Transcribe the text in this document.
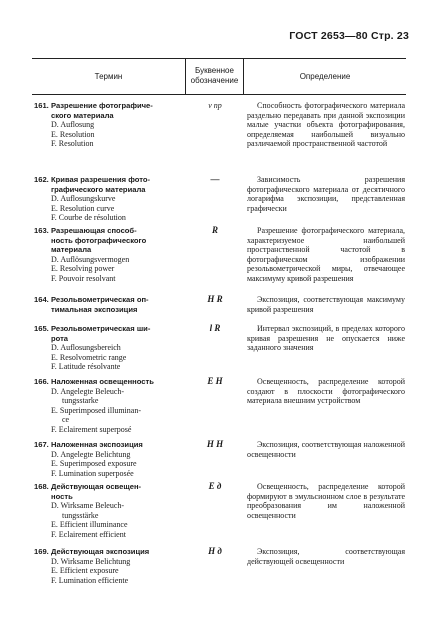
ГОСТ 2653—80 Стр. 23
Термин
Буквенное
обозначение	Определение
161. Разрешение фотографиче-
ского материала
D. Auflosung
E. Resolution
F. Resolution
ν пр	Способность фотографического материала раздельно передавать при данной экспозиции малые участки объекта фотографирования, определяемая наибольшей визуально различаемой пространственной частотой
162. Кривая разрешения фото-
графического материала
D. Auflosungskurve
E. Resolution curve
F. Courbe de résolution
—	Зависимость разрешения фотографического материала от десятичного логарифма экспозиции, представленная графически
163. Разрешающая способ-
ность фотографического
материала
D. Auflösungsvermogen
E. Resolving power
F. Pouvoir resolvant
R	Разрешение фотографического материала, характеризуемое наибольшей пространственной частотой в фотографическом изображении резольвометрической миры, отвечающее максимуму кривой разрешения
164. Резольвометрическая оп-
тимальная экспозиция
H R	Экспозиция, соответствующая максимуму кривой разрешения
165. Резольвометрическая ши-
рота
D. Auflosungsbereich
E. Resolvometric range
F. Latitude résolvante
l R	Интервал экспозиций, в пределах которого кривая разрешения не опускается ниже заданного значения
166. Наложенная освещенность
D. Angelegte Beleuch-
tungsstarke
E. Superimposed illuminan-
ce
F. Eclairement superposé
E H	Освещенность, распределение которой создают в плоскости фотографического материала внешним устройством
167. Наложенная экспозиция
D. Angelegte Belichtung
E. Superimposed exposure
F. Lumination superposée
H H	Экспозиция, соответствующая наложенной освещенности
168. Действующая освещен-
ность
D. Wirksame Beleuch-
tungsstärke
E. Efficient illuminance
F. Eclairement efficient
E д	Освещенность, распределение которой формируют в эмульсионном слое в результате преобразования им наложенной освещенности
169. Действующая экспозиция
D. Wirksame Belichtung
E. Efficient exposure
F. Lumination efficiente
H д	Экспозиция, соответствующая действующей освещенности
